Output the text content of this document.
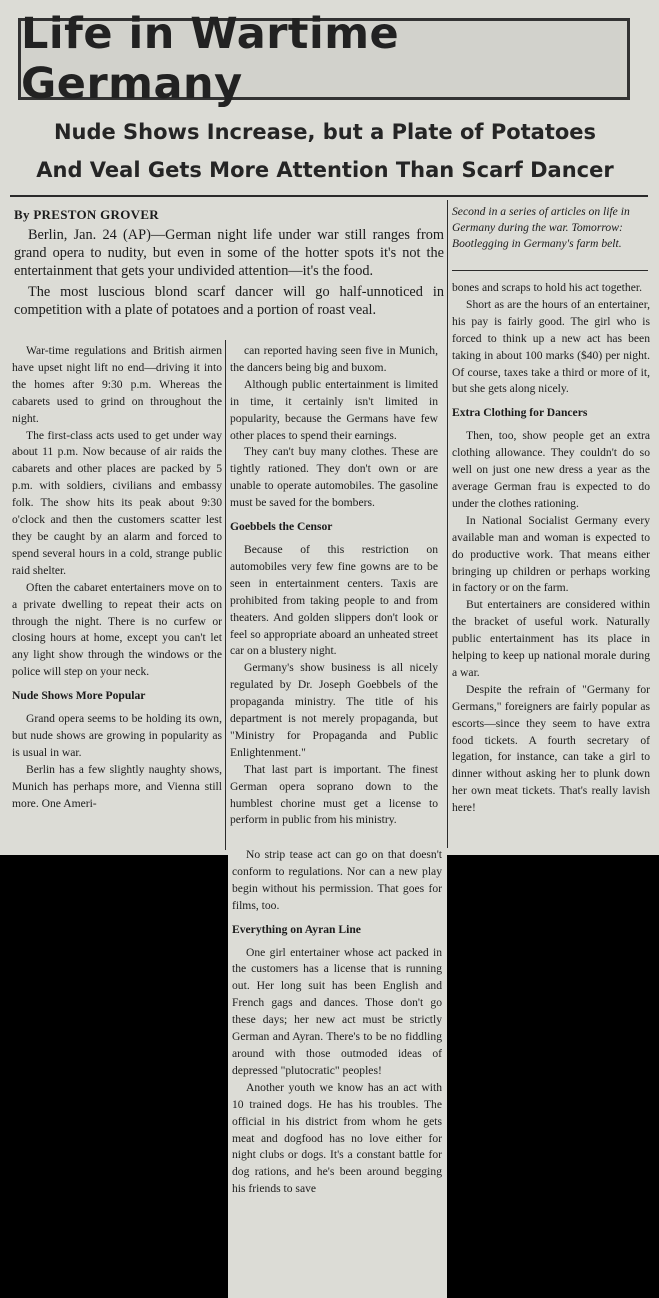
Life in Wartime Germany

Nude Shows Increase, but a Plate of Potatoes

And Veal Gets More Attention Than Scarf Dancer

By PRESTON GROVER

Berlin, Jan. 24 (AP)—German night life under war still ranges from grand opera to nudity, but even in some of the hotter spots it's not the entertainment that gets your undivided attention—it's the food.

The most luscious blond scarf dancer will go half-unnoticed in competition with a plate of potatoes and a portion of roast veal.

Second in a series of articles on life in Germany during the war. Tomorrow: Bootlegging in Germany's farm belt.

War-time regulations and British airmen have upset night lift no end—driving it into the homes after 9:30 p.m. Whereas the cabarets used to grind on throughout the night.

The first-class acts used to get under way about 11 p.m. Now because of air raids the cabarets and other places are packed by 5 p.m. with soldiers, civilians and embassy folk. The show hits its peak about 9:30 o'clock and then the customers scatter lest they be caught by an alarm and forced to spend several hours in a cold, strange public raid shelter.

Often the cabaret entertainers move on to a private dwelling to repeat their acts on through the night. There is no curfew or closing hours at home, except you can't let any light show through the windows or the police will step on your neck.

Nude Shows More Popular

Grand opera seems to be holding its own, but nude shows are growing in popularity as is usual in war.

Berlin has a few slightly naughty shows, Munich has perhaps more, and Vienna still more. One Ameri-

can reported having seen five in Munich, the dancers being big and buxom.

Although public entertainment is limited in time, it certainly isn't limited in popularity, because the Germans have few other places to spend their earnings.

They can't buy many clothes. These are tightly rationed. They don't own or are unable to operate automobiles. The gasoline must be saved for the bombers.

Goebbels the Censor

Because of this restriction on automobiles very few fine gowns are to be seen in entertainment centers. Taxis are prohibited from taking people to and from theaters. And golden slippers don't look or feel so appropriate aboard an unheated street car on a blustery night.

Germany's show business is all nicely regulated by Dr. Joseph Goebbels of the propaganda ministry. The title of his department is not merely propaganda, but "Ministry for Propaganda and Public Enlightenment."

That last part is important. The finest German opera soprano down to the humblest chorine must get a license to perform in public from his ministry.

bones and scraps to hold his act together.

Short as are the hours of an entertainer, his pay is fairly good. The girl who is forced to think up a new act has been taking in about 100 marks ($40) per night. Of course, taxes take a third or more of it, but she gets along nicely.

Extra Clothing for Dancers

Then, too, show people get an extra clothing allowance. They couldn't do so well on just one new dress a year as the average German frau is expected to do under the clothes rationing.

In National Socialist Germany every available man and woman is expected to do productive work. That means either bringing up children or perhaps working in factory or on the farm.

But entertainers are considered within the bracket of useful work. Naturally public entertainment has its place in helping to keep up national morale during a war.

Despite the refrain of "Germany for Germans," foreigners are fairly popular as escorts—since they seem to have extra food tickets. A fourth secretary of legation, for instance, can take a girl to dinner without asking her to plunk down her own meat tickets. That's really lavish here!

No strip tease act can go on that doesn't conform to regulations. Nor can a new play begin without his permission. That goes for films, too.

Everything on Ayran Line

One girl entertainer whose act packed in the customers has a license that is running out. Her long suit has been English and French gags and dances. Those don't go these days; her new act must be strictly German and Ayran. There's to be no fiddling around with those outmoded ideas of depressed "plutocratic" peoples!

Another youth we know has an act with 10 trained dogs. He has his troubles. The official in his district from whom he gets meat and dogfood has no love either for night clubs or dogs. It's a constant battle for dog rations, and he's been around begging his friends to save
